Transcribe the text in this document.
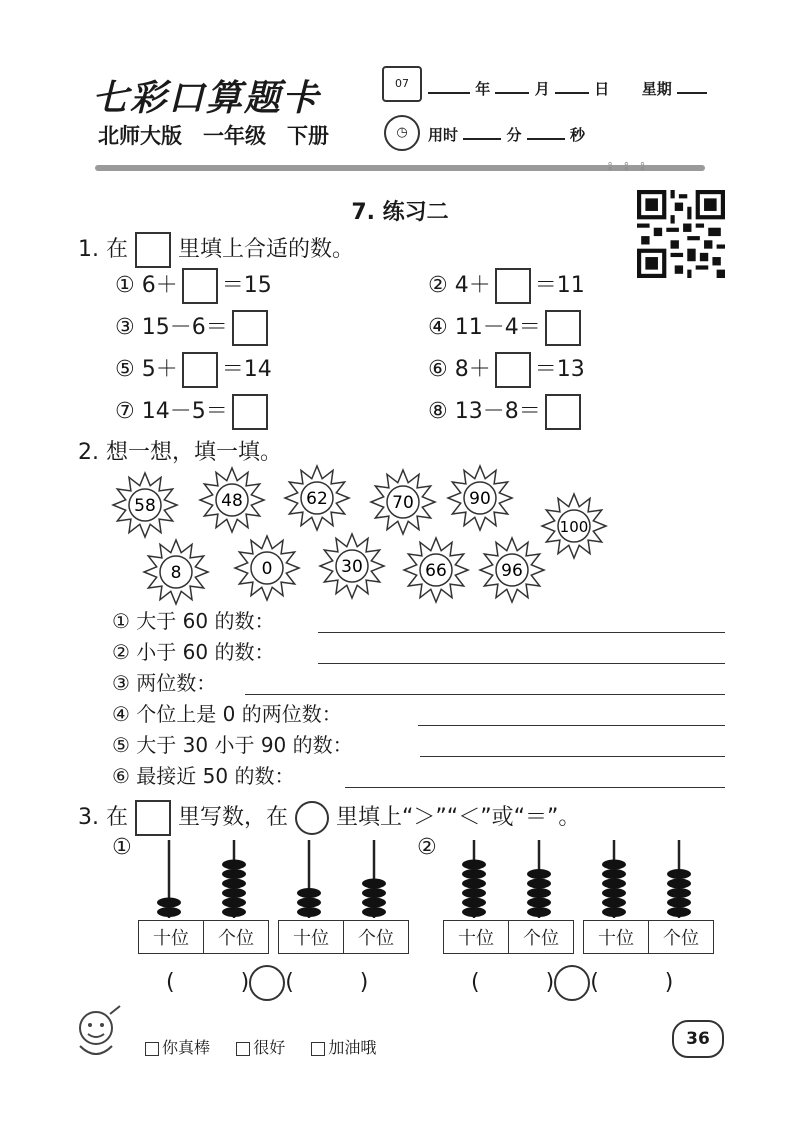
七彩口算题卡
北师大版　一年级　下册
07
◷
年	月	日 星期
用时	分	秒
⦂⦂⦂
7. 练习二
1. 在 里填上合适的数。
① 6＋ ＝15	② 4＋ ＝11
③ 15－6＝	④ 11－4＝
⑤ 5＋ ＝14	⑥ 8＋ ＝13
⑦ 14－5＝	⑧ 13－8＝
2. 想一想，填一填。
58	48	62	70	90
100
8	0	30	66	96
① 大于 60 的数：
② 小于 60 的数：
③ 两位数：
④ 个位上是 0 的两位数：
⑤ 大于 30 小于 90 的数：
⑥ 最接近 50 的数：
3. 在 里写数，在 里填上“＞”“＜”或“＝”。
①
十位	个位 十位	个位
(	) (	)
②
十位	个位 十位	个位
(	) (	)
你真棒	很好	加油哦	36
